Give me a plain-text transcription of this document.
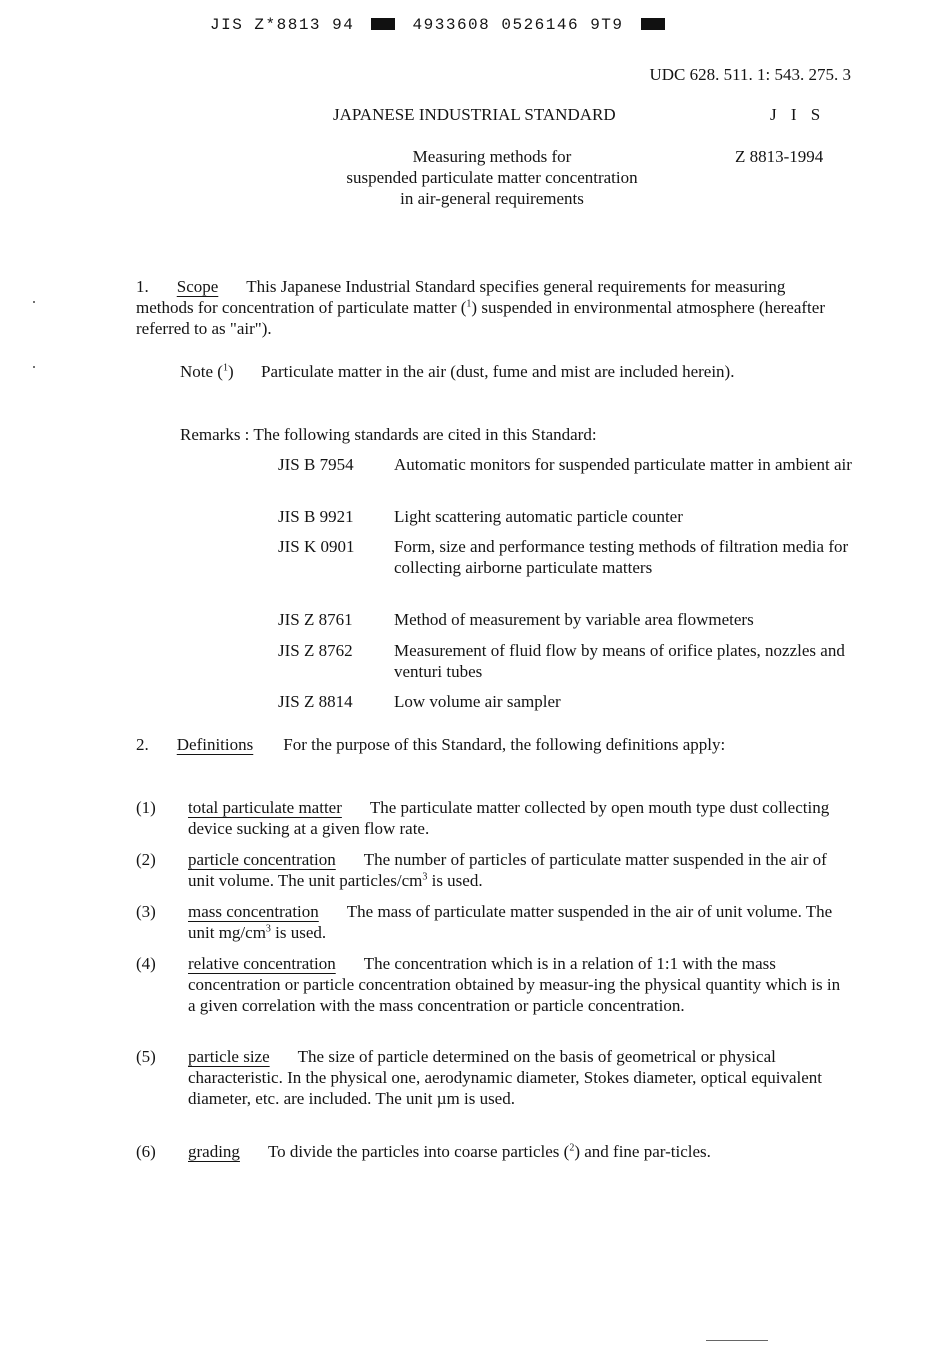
JIS Z*8813 94	4933608 0526146 9T9
UDC 628. 511. 1: 543. 275. 3
JAPANESE INDUSTRIAL STANDARD	J I S
Measuring methods for
suspended particulate matter concentration
in air-general requirements
Z 8813-1994
1. Scope This Japanese Industrial Standard specifies general requirements for measuring methods for concentration of particulate matter ($^1$) suspended in environmental atmosphere (hereafter referred to as "air").
Note ($^1$) Particulate matter in the air (dust, fume and mist are included herein).
Remarks : The following standards are cited in this Standard:
JIS B 7954 Automatic monitors for suspended particulate matter in ambient air
JIS B 9921 Light scattering automatic particle counter
JIS K 0901 Form, size and performance testing methods of filtration media for collecting airborne particulate matters
JIS Z 8761 Method of measurement by variable area flowmeters
JIS Z 8762 Measurement of fluid flow by means of orifice plates, nozzles and venturi tubes
JIS Z 8814 Low volume air sampler
2. Definitions For the purpose of this Standard, the following definitions apply:
(1) total particulate matter The particulate matter collected by open mouth type dust collecting device sucking at a given flow rate.
(2) particle concentration The number of particles of particulate matter suspended in the air of unit volume. The unit particles/$cm^3$ is used.
(3) mass concentration The mass of particulate matter suspended in the air of unit volume. The unit $mg/cm^3$ is used.
(4) relative concentration The concentration which is in a relation of 1:1 with the mass concentration or particle concentration obtained by measur-ing the physical quantity which is in a given correlation with the mass concentration or particle concentration.
(5) particle size The size of particle determined on the basis of geometrical or physical characteristic. In the physical one, aerodynamic diameter, Stokes diameter, optical equivalent diameter, etc. are included. The unit µm is used.
(6) grading To divide the particles into coarse particles ($^2$) and fine par-ticles.
